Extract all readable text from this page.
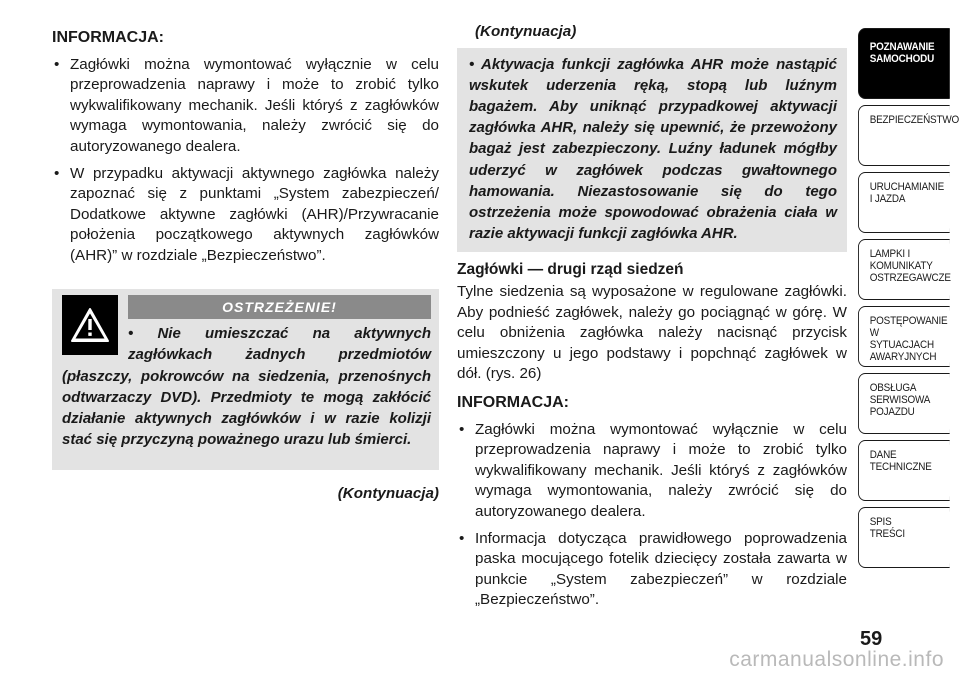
INFORMACJA:
• Zagłówki można wymontować wyłącznie w celu przeprowadzenia naprawy i może to zrobić tylko wykwalifikowany mechanik. Jeśli któryś z zagłówków wymaga wymontowania, należy zwrócić się do autoryzowanego dealera.
• W przypadku aktywacji aktywnego zagłówka należy zapoznać się z punktami „System zabezpieczeń/ Dodatkowe aktywne zagłówki (AHR)/Przywracanie położenia początkowego aktywnych zagłówków (AHR)” w rozdziale „Bezpieczeństwo”.
OSTRZEŻENIE!

• Nie umieszczać na aktywnych zagłówkach żadnych przedmiotów (płaszczy, pokrowców na siedzenia, przenośnych odtwarzaczy DVD). Przedmioty te mogą zakłócić działanie aktywnych zagłówków i w razie kolizji stać się przyczyną poważnego urazu lub śmierci.

(Kontynuacja)
(Kontynuacja)

• Aktywacja funkcji zagłówka AHR może nastąpić wskutek uderzenia ręką, stopą lub luźnym bagażem. Aby uniknąć przypadkowej aktywacji zagłówka AHR, należy się upewnić, że przewożony bagaż jest zabezpieczony. Luźny ładunek mógłby uderzyć w zagłówek podczas gwałtownego hamowania. Niezastosowanie się do tego ostrzeżenia może spowodować obrażenia ciała w razie aktywacji funkcji zagłówka AHR.

Zagłówki — drugi rząd siedzeń

Tylne siedzenia są wyposażone w regulowane zagłówki. Aby podnieść zagłówek, należy go pociągnąć w górę. W celu obniżenia zagłówka należy nacisnąć przycisk umieszczony u jego podstawy i popchnąć zagłówek w dół. (rys. 26)

INFORMACJA:
• Zagłówki można wymontować wyłącznie w celu przeprowadzenia naprawy i może to zrobić tylko wykwalifikowany mechanik. Jeśli któryś z zagłówków wymaga wymontowania, należy zwrócić się do autoryzowanego dealera.
• Informacja dotycząca prawidłowego poprowadzenia paska mocującego fotelik dziecięcy została zawarta w punkcie „System zabezpieczeń” w rozdziale „Bezpieczeństwo”.
POZNAWANIE
SAMOCHODU
BEZPIECZEŃSTWO
URUCHAMIANIE
I JAZDA
LAMPKI I
KOMUNIKATY
OSTRZEGAWCZE
POSTĘPOWANIE
W SYTUACJACH
AWARYJNYCH
OBSŁUGA
SERWISOWA
POJAZDU
DANE
TECHNICZNE
SPIS
TREŚCI
59
carmanualsonline.info
